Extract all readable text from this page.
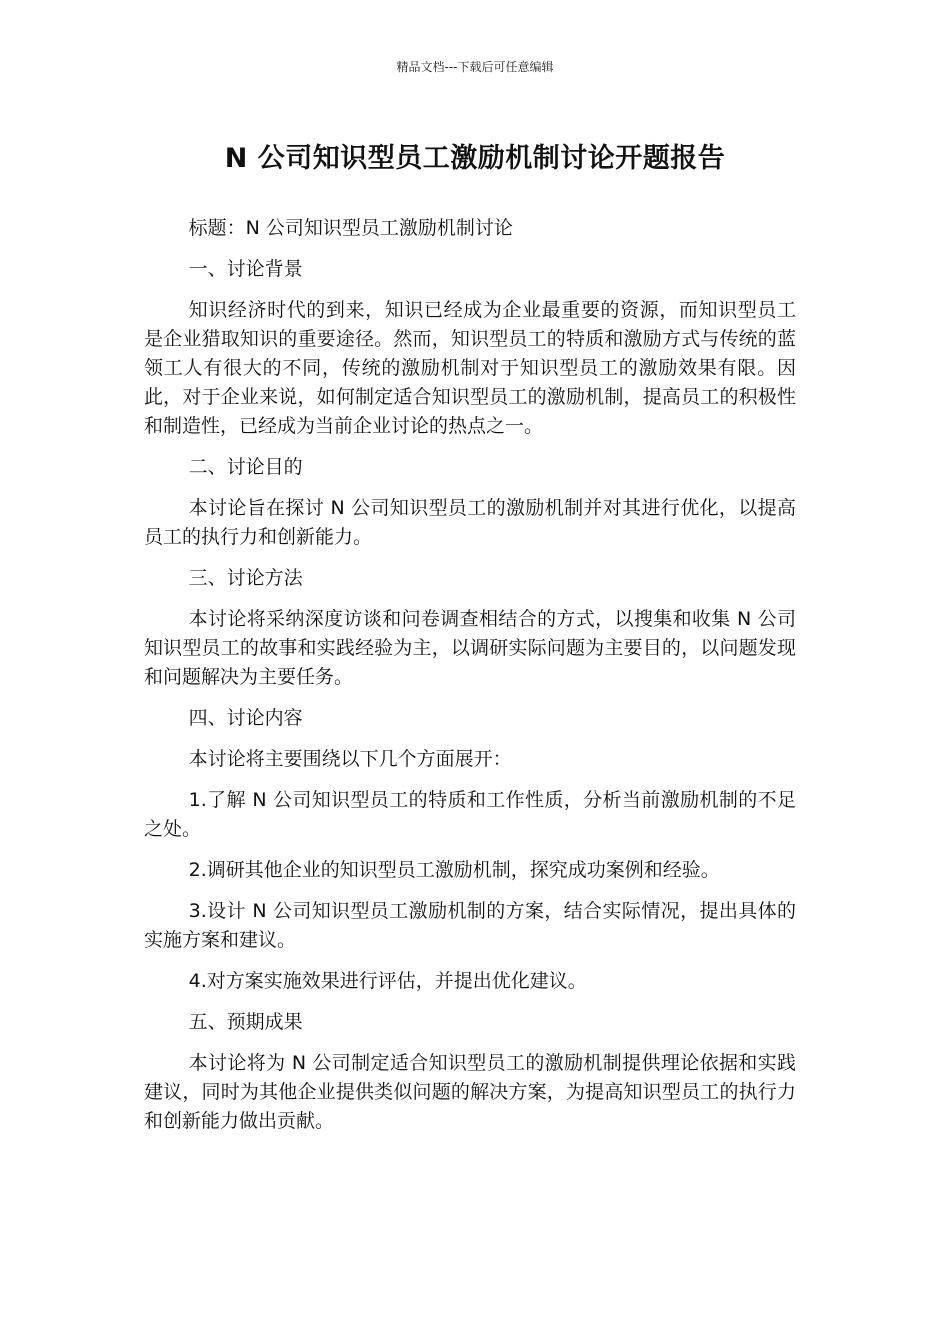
精品文档---下载后可任意编辑
N 公司知识型员工激励机制讨论开题报告

标题：N 公司知识型员工激励机制讨论

一、讨论背景

知识经济时代的到来，知识已经成为企业最重要的资源，而知识型员工是企业猎取知识的重要途径。然而，知识型员工的特质和激励方式与传统的蓝领工人有很大的不同，传统的激励机制对于知识型员工的激励效果有限。因此，对于企业来说，如何制定适合知识型员工的激励机制，提高员工的积极性和制造性，已经成为当前企业讨论的热点之一。

二、讨论目的

本讨论旨在探讨 N 公司知识型员工的激励机制并对其进行优化，以提高员工的执行力和创新能力。

三、讨论方法

本讨论将采纳深度访谈和问卷调查相结合的方式，以搜集和收集 N 公司知识型员工的故事和实践经验为主，以调研实际问题为主要目的，以问题发现和问题解决为主要任务。

四、讨论内容

本讨论将主要围绕以下几个方面展开：

1.了解 N 公司知识型员工的特质和工作性质，分析当前激励机制的不足之处。

2.调研其他企业的知识型员工激励机制，探究成功案例和经验。

3.设计 N 公司知识型员工激励机制的方案，结合实际情况，提出具体的实施方案和建议。

4.对方案实施效果进行评估，并提出优化建议。

五、预期成果

本讨论将为 N 公司制定适合知识型员工的激励机制提供理论依据和实践建议，同时为其他企业提供类似问题的解决方案，为提高知识型员工的执行力和创新能力做出贡献。
